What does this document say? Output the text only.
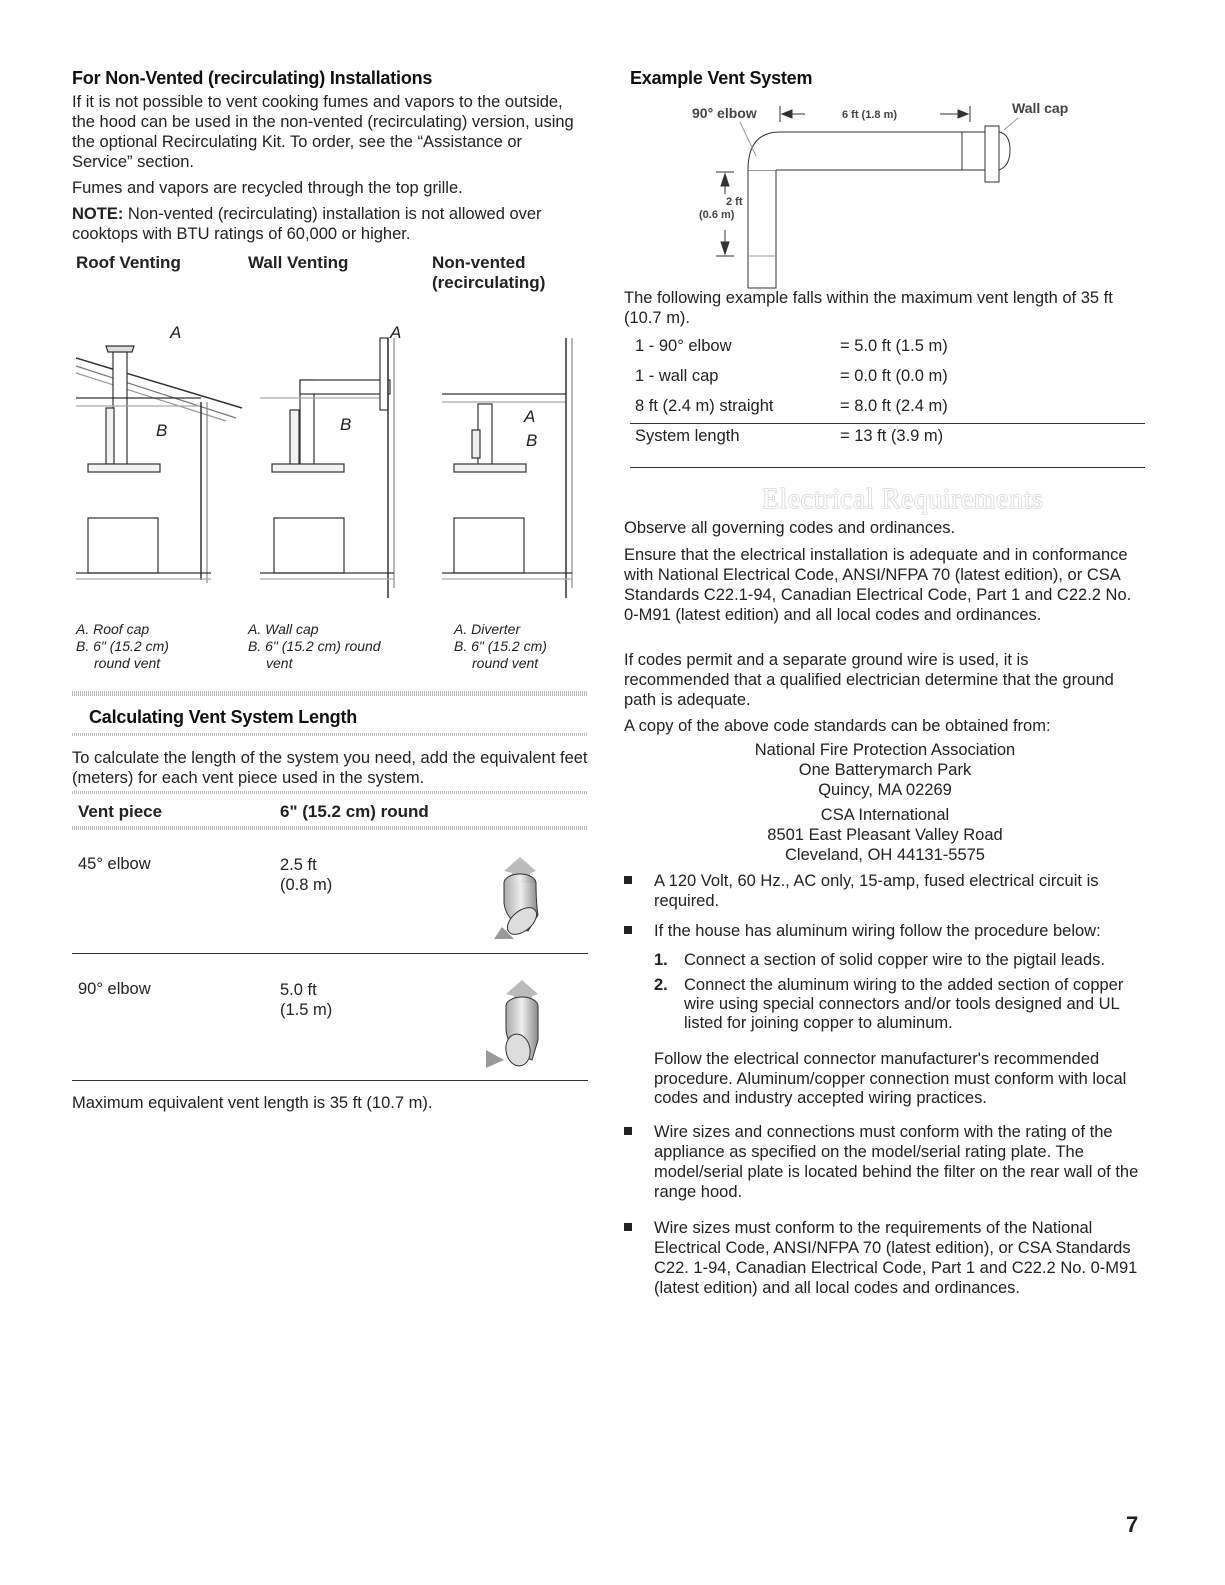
For Non-Vented (recirculating) Installations

If it is not possible to vent cooking fumes and vapors to the outside, the hood can be used in the non-vented (recirculating) version, using the optional Recirculating Kit. To order, see the “Assistance or Service” section.

Fumes and vapors are recycled through the top grille.

NOTE: Non-vented (recirculating) installation is not allowed over cooktops with BTU ratings of 60,000 or higher.

Roof Venting	Wall Venting	Non-vented
(recirculating)
A
B
A
B	A
B
A. Roof cap
B. 6" (15.2 cm)
round vent
A. Wall cap
B. 6" (15.2 cm) round
vent
A. Diverter
B. 6" (15.2 cm)
round vent
Calculating Vent System Length

To calculate the length of the system you need, add the equivalent feet (meters) for each vent piece used in the system.

Vent piece	6" (15.2 cm) round
45° elbow	2.5 ft
(0.8 m)
90° elbow	5.0 ft
(1.5 m)

Maximum equivalent vent length is 35 ft (10.7 m).

Example Vent System
90° elbow	6 ft (1.8 m)	Wall cap
2 ft
(0.6 m)

The following example falls within the maximum vent length of 35 ft (10.7 m).

1 - 90° elbow	= 5.0 ft (1.5 m)
1 - wall cap	= 0.0 ft (0.0 m)
8 ft (2.4 m) straight	= 8.0 ft (2.4 m)
System length	= 13 ft (3.9 m)
Electrical Requirements

Observe all governing codes and ordinances.

Ensure that the electrical installation is adequate and in conformance with National Electrical Code, ANSI/NFPA 70 (latest edition), or CSA Standards C22.1-94, Canadian Electrical Code, Part 1 and C22.2 No. 0-M91 (latest edition) and all local codes and ordinances.

If codes permit and a separate ground wire is used, it is recommended that a qualified electrician determine that the ground path is adequate.

A copy of the above code standards can be obtained from:

National Fire Protection Association
One Batterymarch Park
Quincy, MA 02269
CSA International
8501 East Pleasant Valley Road
Cleveland, OH 44131-5575
A 120 Volt, 60 Hz., AC only, 15-amp, fused electrical circuit is required.
If the house has aluminum wiring follow the procedure below:
1. Connect a section of solid copper wire to the pigtail leads.
2. Connect the aluminum wiring to the added section of copper wire using special connectors and/or tools designed and UL listed for joining copper to aluminum.

Follow the electrical connector manufacturer's recommended procedure. Aluminum/copper connection must conform with local codes and industry accepted wiring practices.

Wire sizes and connections must conform with the rating of the appliance as specified on the model/serial rating plate. The model/serial plate is located behind the filter on the rear wall of the range hood.
Wire sizes must conform to the requirements of the National Electrical Code, ANSI/NFPA 70 (latest edition), or CSA Standards C22. 1-94, Canadian Electrical Code, Part 1 and C22.2 No. 0-M91 (latest edition) and all local codes and ordinances.
7
